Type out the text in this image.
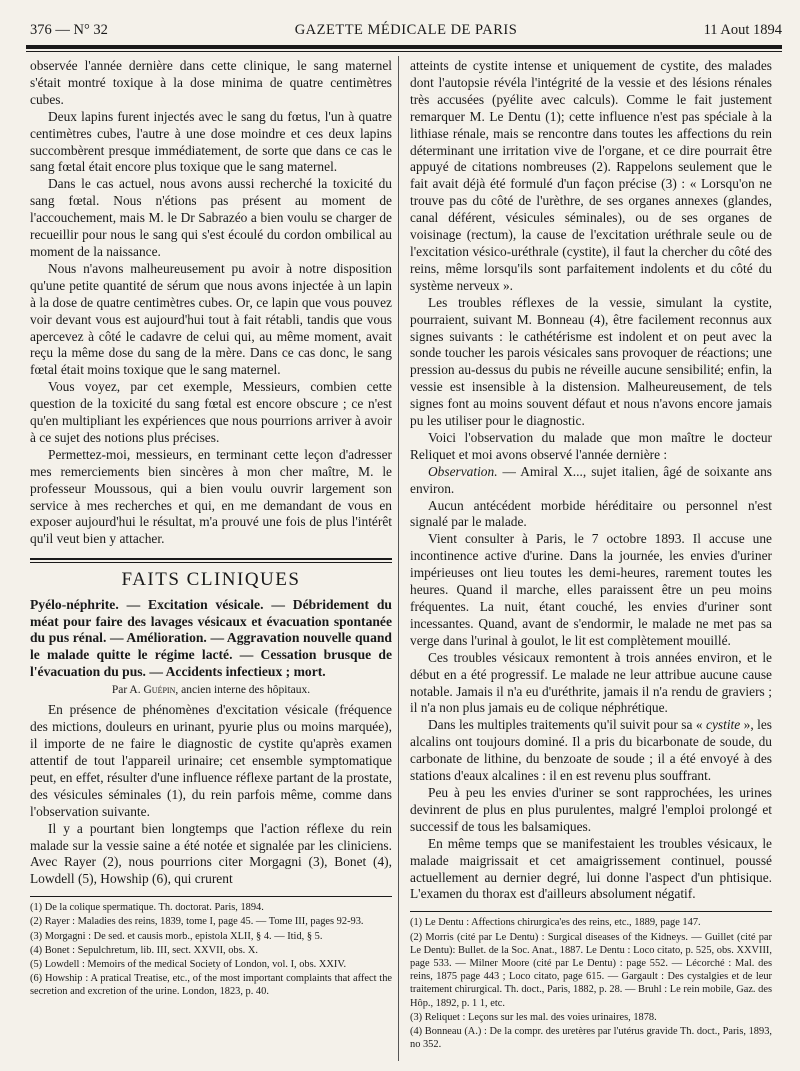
376 — N° 32	GAZETTE MÉDICALE DE PARIS	11 Aout 1894

observée l'année dernière dans cette clinique, le sang maternel s'était montré toxique à la dose minima de quatre centimètres cubes.

Deux lapins furent injectés avec le sang du fœtus, l'un à quatre centimètres cubes, l'autre à une dose moindre et ces deux lapins succombèrent presque immédiatement, de sorte que dans ce cas le sang fœtal était encore plus toxique que le sang maternel.

Dans le cas actuel, nous avons aussi recherché la toxicité du sang fœtal. Nous n'étions pas présent au moment de l'accouchement, mais M. le Dr Sabrazéo a bien voulu se charger de recueillir pour nous le sang qui s'est écoulé du cordon ombilical au moment de la naissance.

Nous n'avons malheureusement pu avoir à notre disposition qu'une petite quantité de sérum que nous avons injectée à un lapin à la dose de quatre centimètres cubes. Or, ce lapin que vous pouvez voir devant vous est aujourd'hui tout à fait rétabli, tandis que vous apercevez à côté le cadavre de celui qui, au même moment, avait reçu la même dose du sang de la mère. Dans ce cas donc, le sang fœtal était moins toxique que le sang maternel.

Vous voyez, par cet exemple, Messieurs, combien cette question de la toxicité du sang fœtal est encore obscure ; ce n'est qu'en multipliant les expériences que nous pourrions arriver à avoir à ce sujet des notions plus précises.

Permettez-moi, messieurs, en terminant cette leçon d'adresser mes remerciements bien sincères à mon cher maître, M. le professeur Moussous, qui a bien voulu ouvrir largement son service à mes recherches et qui, en me demandant de vous en exposer aujourd'hui le résultat, m'a prouvé une fois de plus l'intérêt qu'il veut bien y attacher.

FAITS CLINIQUES
Pyélo-néphrite. — Excitation vésicale. — Débridement du méat pour faire des lavages vésicaux et évacuation spontanée du pus rénal. — Amélioration. — Aggravation nouvelle quand le malade quitte le régime lacté. — Cessation brusque de l'évacuation du pus. — Accidents infectieux ; mort.
Par A. Guépin, ancien interne des hôpitaux.

En présence de phénomènes d'excitation vésicale (fréquence des mictions, douleurs en urinant, pyurie plus ou moins marquée), il importe de ne faire le diagnostic de cystite qu'après examen attentif de tout l'appareil urinaire; cet ensemble symptomatique peut, en effet, résulter d'une influence réflexe partant de la prostate, des vésicules séminales (1), du rein parfois même, comme dans l'observation suivante.

Il y a pourtant bien longtemps que l'action réflexe du rein malade sur la vessie saine a été notée et signalée par les cliniciens. Avec Rayer (2), nous pourrions citer Morgagni (3), Bonet (4), Lowdell (5), Howship (6), qui crurent

(1) De la colique spermatique. Th. doctorat. Paris, 1894.

(2) Rayer : Maladies des reins, 1839, tome I, page 45. — Tome III, pages 92-93.

(3) Morgagni : De sed. et causis morb., epistola XLII, § 4. — Itid, § 5.

(4) Bonet : Sepulchretum, lib. III, sect. XXVII, obs. X.

(5) Lowdell : Memoirs of the medical Society of London, vol. I, obs. XXIV.

(6) Howship : A pratical Treatise, etc., of the most important complaints that affect the secretion and excretion of the urine. London, 1823, p. 40.

atteints de cystite intense et uniquement de cystite, des malades dont l'autopsie révéla l'intégrité de la vessie et des lésions rénales très accusées (pyélite avec calculs). Comme le fait justement remarquer M. Le Dentu (1); cette influence n'est pas spéciale à la lithiase rénale, mais se rencontre dans toutes les affections du rein déterminant une irritation vive de l'organe, et ce dire pourrait être appuyé de citations nombreuses (2). Rappelons seulement que le fait avait déjà été formulé d'un façon précise (3) : « Lorsqu'on ne trouve pas du côté de l'urèthre, de ses organes annexes (glandes, canal déférent, vésicules séminales), ou de ses organes de voisinage (rectum), la cause de l'excitation uréthrale seule ou de l'excitation vésico-uréthrale (cystite), il faut la chercher du côté des reins, même lorsqu'ils sont parfaitement indolents et du côté du système nerveux ».

Les troubles réflexes de la vessie, simulant la cystite, pourraient, suivant M. Bonneau (4), être facilement reconnus aux signes suivants : le cathétérisme est indolent et on peut avec la sonde toucher les parois vésicales sans provoquer de réactions; une pression au-dessus du pubis ne réveille aucune sensibilité; enfin, la vessie est insensible à la distension. Malheureusement, de tels signes font au moins souvent défaut et nous n'avons encore jamais pu les utiliser pour le diagnostic.

Voici l'observation du malade que mon maître le docteur Reliquet et moi avons observé l'année dernière :

Observation. — Amiral X..., sujet italien, âgé de soixante ans environ.

Aucun antécédent morbide héréditaire ou personnel n'est signalé par le malade.

Vient consulter à Paris, le 7 octobre 1893. Il accuse une incontinence active d'urine. Dans la journée, les envies d'uriner impérieuses ont lieu toutes les demi-heures, rarement toutes les heures. Quand il marche, elles paraissent être un peu moins fréquentes. La nuit, étant couché, les envies d'uriner sont incessantes. Quand, avant de s'endormir, le malade ne met pas sa verge dans l'urinal à goulot, le lit est complètement mouillé.

Ces troubles vésicaux remontent à trois années environ, et le début en a été progressif. Le malade ne leur attribue aucune cause notable. Jamais il n'a eu d'uréthrite, jamais il n'a rendu de graviers ; il n'a non plus jamais eu de colique néphrétique.

Dans les multiples traitements qu'il suivit pour sa « cystite », les alcalins ont toujours dominé. Il a pris du bicarbonate de soude, du carbonate de lithine, du benzoate de soude ; il a été envoyé à des stations d'eaux alcalines : il en est revenu plus souffrant.

Peu à peu les envies d'uriner se sont rapprochées, les urines devinrent de plus en plus purulentes, malgré l'emploi prolongé et successif de tous les balsamiques.

En même temps que se manifestaient les troubles vésicaux, le malade maigrissait et cet amaigrissement continuel, poussé actuellement au dernier degré, lui donne l'aspect d'un phtisique. L'examen du thorax est d'ailleurs absolument négatif.

(1) Le Dentu : Affections chirurgica'es des reins, etc., 1889, page 147.

(2) Morris (cité par Le Dentu) : Surgical diseases of the Kidneys. — Guillet (cité par Le Dentu): Bullet. de la Soc. Anat., 1887. Le Dentu : Loco citato, p. 525, obs. XXVIII, page 533. — Milner Moore (cité par Le Dentu) : page 552. — Lécorché : Mal. des reins, 1875 page 443 ; Loco citato, page 615. — Gargault : Des cystalgies et de leur traitement chirurgical. Th. doct., Paris, 1882, p. 28. — Bruhl : Le rein mobile, Gaz. des Hôp., 1892, p. 1 1, etc.

(3) Reliquet : Leçons sur les mal. des voies urinaires, 1878.

(4) Bonneau (A.) : De la compr. des uretères par l'utérus gravide Th. doct., Paris, 1893, no 352.
